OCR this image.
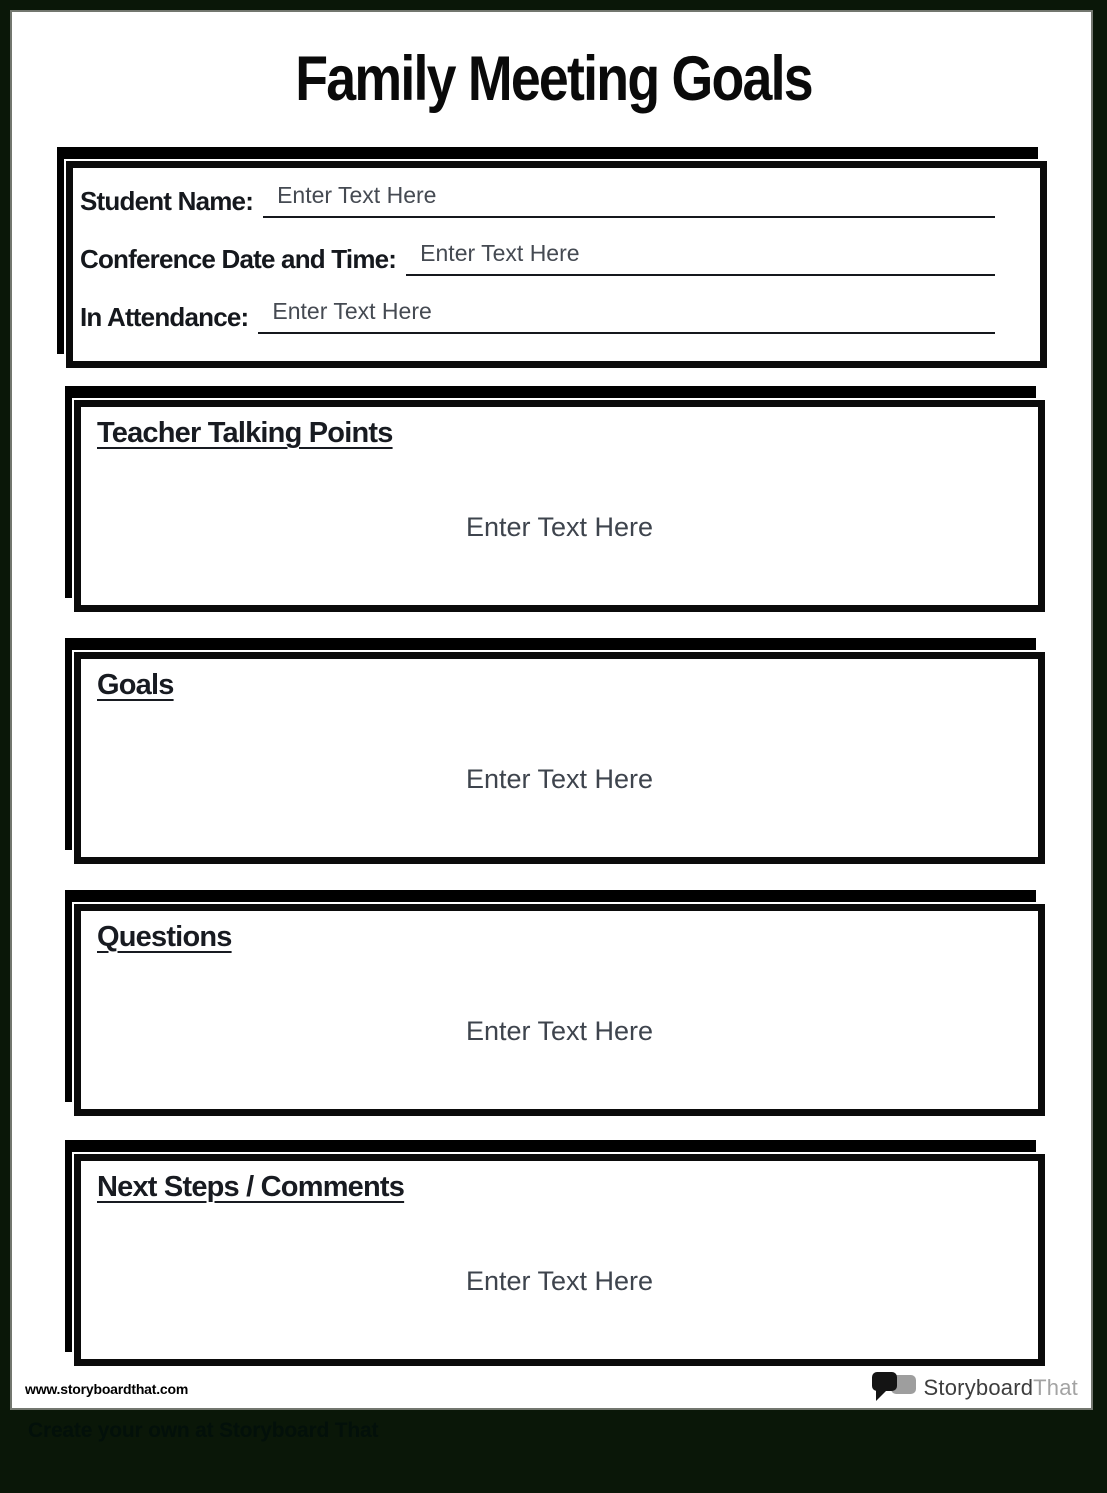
Family Meeting Goals
Student Name:	Enter Text Here
Conference Date and Time:	Enter Text Here
In Attendance:	Enter Text Here
Teacher Talking Points
Enter Text Here
Goals
Enter Text Here
Questions
Enter Text Here
Next Steps / Comments
Enter Text Here
www.storyboardthat.com	StoryboardThat
Create your own at Storyboard That
